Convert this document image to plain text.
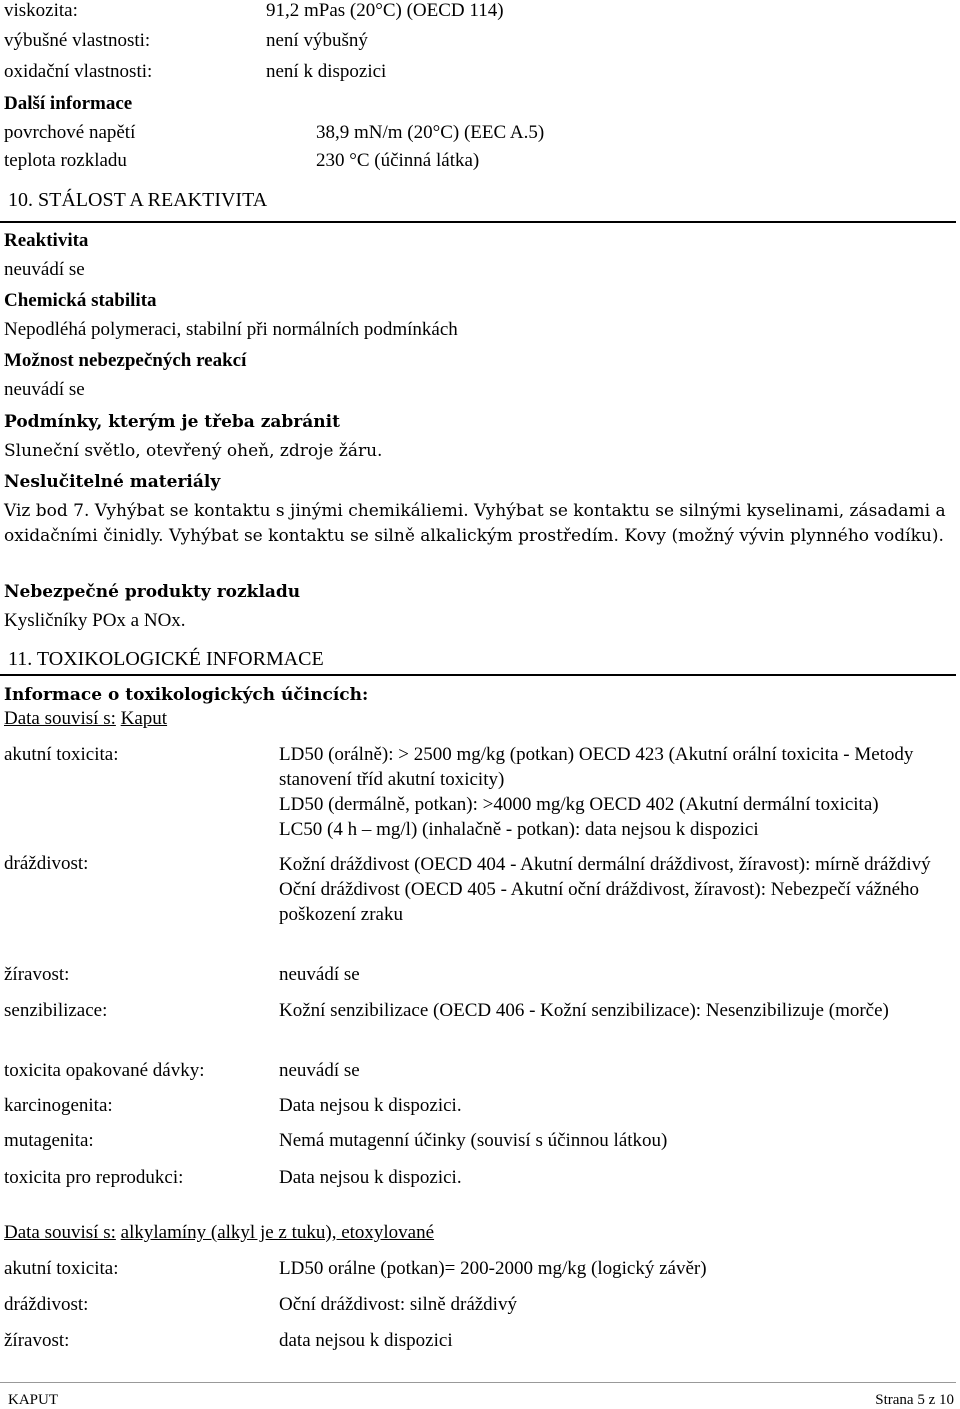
viskozita:	91,2 mPas (20°C) (OECD 114)
výbušné vlastnosti:	není výbušný
oxidační vlastnosti:	není k dispozici
Další informace
povrchové napětí	38,9 mN/m (20°C) (EEC A.5)
teplota rozkladu	230 °C (účinná látka)
10. STÁLOST A REAKTIVITA
Reaktivita
neuvádí se
Chemická stabilita
Nepodléhá polymeraci, stabilní při normálních podmínkách
Možnost nebezpečných reakcí
neuvádí se
Podmínky, kterým je třeba zabránit
Sluneční světlo, otevřený oheň, zdroje žáru.
Neslučitelné materiály
Viz bod 7. Vyhýbat se kontaktu s jinými chemikáliemi. Vyhýbat se kontaktu se silnými kyselinami, zásadami a oxidačními činidly. Vyhýbat se kontaktu se silně alkalickým prostředím. Kovy (možný vývin plynného vodíku).
Nebezpečné produkty rozkladu
Kysličníky POx a NOx.
11. TOXIKOLOGICKÉ INFORMACE
Informace o toxikologických účincích:
Data souvisí s: Kaput
akutní toxicita:	LD50 (orálně): > 2500 mg/kg (potkan) OECD 423 (Akutní orální toxicita - Metody stanovení tříd akutní toxicity)
LD50 (dermálně, potkan): >4000 mg/kg OECD 402 (Akutní dermální toxicita)
LC50 (4 h – mg/l) (inhalačně - potkan): data nejsou k dispozici
dráždivost:	Kožní dráždivost (OECD 404 - Akutní dermální dráždivost, žíravost): mírně dráždivý
Oční dráždivost (OECD 405 - Akutní oční dráždivost, žíravost): Nebezpečí vážného poškození zraku
žíravost:	neuvádí se
senzibilizace:	Kožní senzibilizace (OECD 406 - Kožní senzibilizace): Nesenzibilizuje (morče)
toxicita opakované dávky:	neuvádí se
karcinogenita:	Data nejsou k dispozici.
mutagenita:	Nemá mutagenní účinky (souvisí s účinnou látkou)
toxicita pro reprodukci:	Data nejsou k dispozici.
Data souvisí s: alkylamíny (alkyl je z tuku), etoxylované
akutní toxicita:	LD50 orálne (potkan)= 200-2000 mg/kg (logický závěr)
dráždivost:	Oční dráždivost: silně dráždivý
žíravost:	data nejsou k dispozici
KAPUT	Strana 5 z 10
